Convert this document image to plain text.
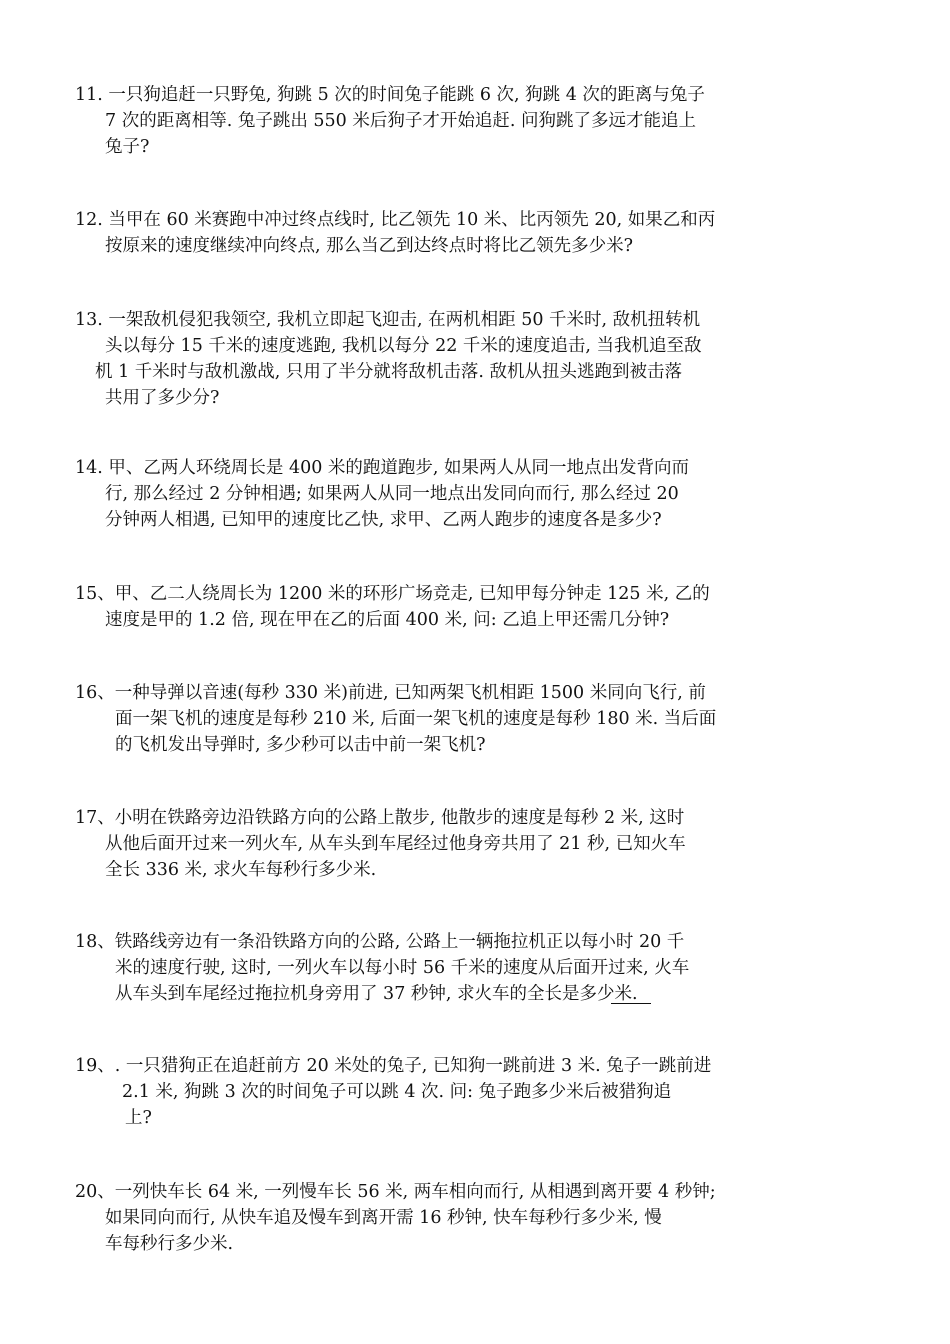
11. 一只狗追赶一只野兔, 狗跳 5 次的时间兔子能跳 6 次, 狗跳 4 次的距离与兔子

7 次的距离相等. 兔子跳出 550 米后狗子才开始追赶. 问狗跳了多远才能追上

兔子?

12. 当甲在 60 米赛跑中冲过终点线时, 比乙领先 10 米、比丙领先 20, 如果乙和丙

按原来的速度继续冲向终点, 那么当乙到达终点时将比乙领先多少米?

13. 一架敌机侵犯我领空, 我机立即起飞迎击, 在两机相距 50 千米时, 敌机扭转机

头以每分 15 千米的速度逃跑, 我机以每分 22 千米的速度追击, 当我机追至敌

机 1 千米时与敌机激战, 只用了半分就将敌机击落. 敌机从扭头逃跑到被击落

共用了多少分?

14. 甲、乙两人环绕周长是 400 米的跑道跑步, 如果两人从同一地点出发背向而

行, 那么经过 2 分钟相遇; 如果两人从同一地点出发同向而行, 那么经过 20

分钟两人相遇, 已知甲的速度比乙快, 求甲、乙两人跑步的速度各是多少?

15、甲、乙二人绕周长为 1200 米的环形广场竞走, 已知甲每分钟走 125 米, 乙的

速度是甲的 1.2 倍, 现在甲在乙的后面 400 米, 问: 乙追上甲还需几分钟?

16、一种导弹以音速(每秒 330 米)前进, 已知两架飞机相距 1500 米同向飞行, 前

面一架飞机的速度是每秒 210 米, 后面一架飞机的速度是每秒 180 米. 当后面

的飞机发出导弹时, 多少秒可以击中前一架飞机?

17、小明在铁路旁边沿铁路方向的公路上散步, 他散步的速度是每秒 2 米, 这时

从他后面开过来一列火车, 从车头到车尾经过他身旁共用了 21 秒, 已知火车

全长 336 米, 求火车每秒行多少米.

18、铁路线旁边有一条沿铁路方向的公路, 公路上一辆拖拉机正以每小时 20 千

米的速度行驶, 这时, 一列火车以每小时 56 千米的速度从后面开过来, 火车

从车头到车尾经过拖拉机身旁用了 37 秒钟, 求火车的全长是多少米.

19、. 一只猎狗正在追赶前方 20 米处的兔子, 已知狗一跳前进 3 米. 兔子一跳前进

2.1 米, 狗跳 3 次的时间兔子可以跳 4 次. 问: 兔子跑多少米后被猎狗追

上?

20、一列快车长 64 米, 一列慢车长 56 米, 两车相向而行, 从相遇到离开要 4 秒钟;

如果同向而行, 从快车追及慢车到离开需 16 秒钟, 快车每秒行多少米, 慢

车每秒行多少米.
